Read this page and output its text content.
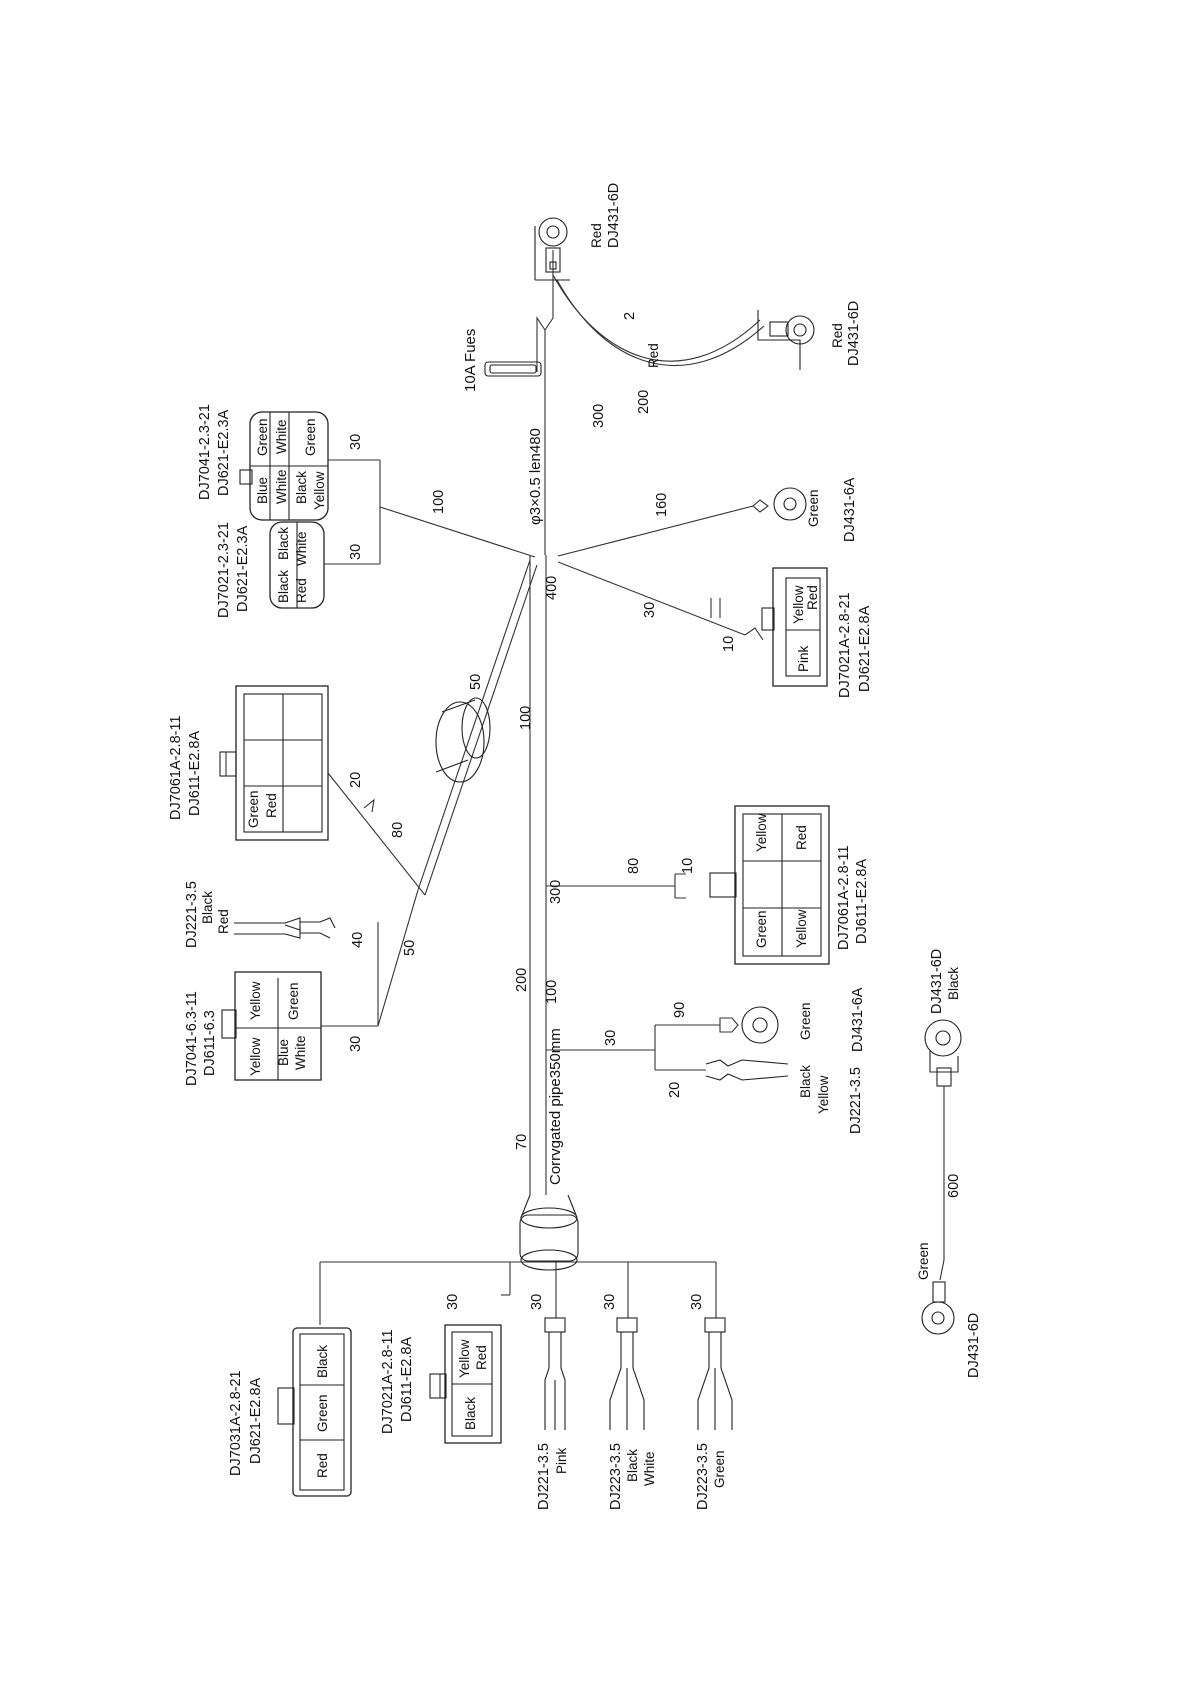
Corrvgated pipe350mm
φ3×0.5 len480
10A Fues
400
100
300
200 100
70
300
200
2
100
30
30
160
30
10
50
20
80
50
40
30
80	10
30
90
20
30	30	30	30
600
Red DJ431-6D
Red DJ431-6D
Red
Green DJ431-6A
Yellow Red
Pink DJ7021A-2.8-21 DJ621-E2.8A
Green White
Blue White
Green
Black Yellow
DJ7041-2.3-21 DJ621-E2.3A
Black White
Black Red
DJ7021-2.3-21 DJ621-E2.3A
Green Red
DJ7061A-2.8-11 DJ611-E2.8A
DJ221-3.5 Black Red
Yellow Green
Yellow Blue White
DJ7041-6.3-11 DJ611-6.3
Yellow Red
Green Yellow DJ7061A-2.8-11 DJ611-E2.8A
Green	DJ431-6A
Black Yellow DJ221-3.5
DJ431-6D Black
Green
DJ431-6D
Black
Green
Red
DJ7031A-2.8-21 DJ621-E2.8A
Yellow Red
Black
DJ7021A-2.8-11 DJ611-E2.8A
DJ221-3.5 Pink	DJ223-3.5 Black White	DJ223-3.5 Green
